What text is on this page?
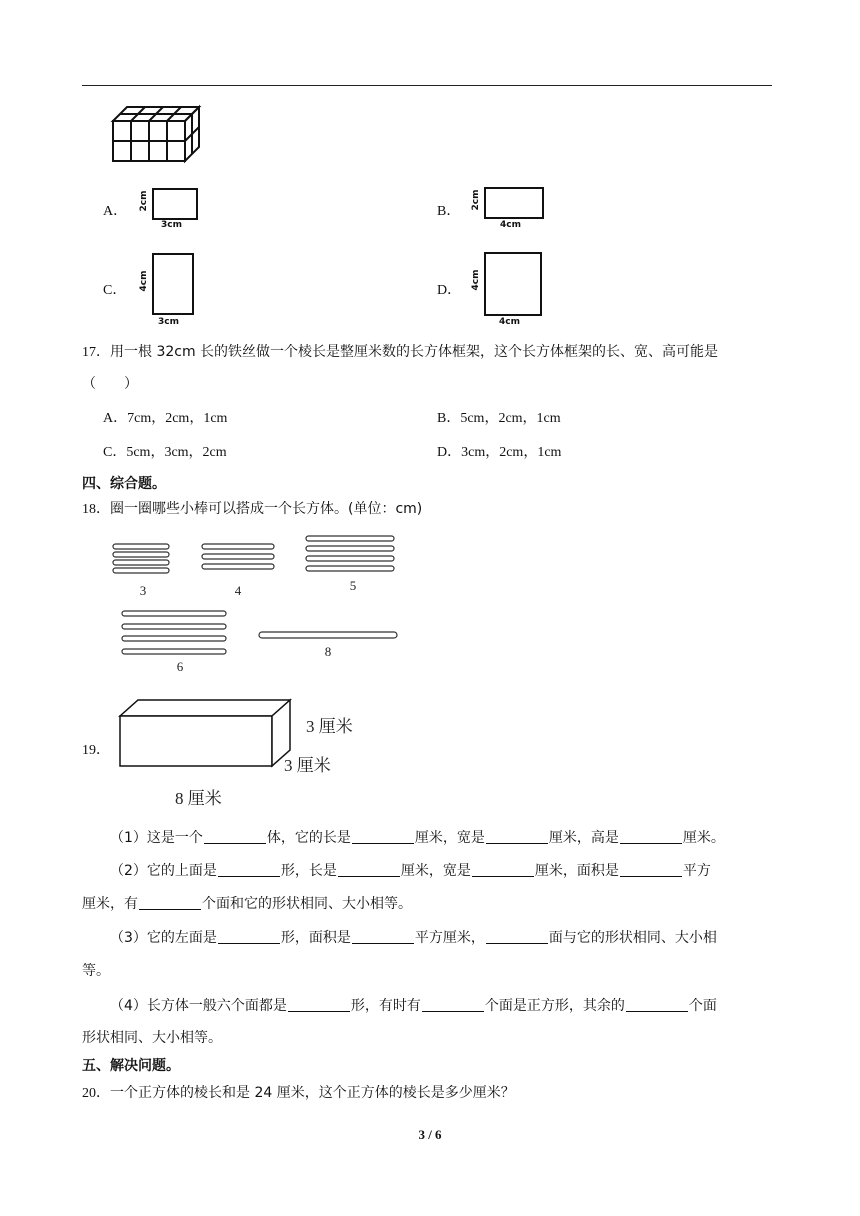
A．
3cm
2cm	B．
4cm
2cm
C．
3cm
4cm	D．
4cm
4cm
17．用一根 32cm 长的铁丝做一个棱长是整厘米数的长方体框架，这个长方体框架的长、宽、高可能是
（　　）
A．7cm，2cm，1cm	B．5cm，2cm，1cm
C．5cm，3cm，2cm	D．3cm，2cm，1cm
四、综合题。
18．圈一圈哪些小棒可以搭成一个长方体。(单位：cm)
3	4	5
6
8
19．
3 厘米
3 厘米
8 厘米
（1）这是一个	体，它的长是	厘米，宽是	厘米，高是	厘米。
（2）它的上面是	形，长是	厘米，宽是	厘米，面积是	平方
厘米，有	个面和它的形状相同、大小相等。
（3）它的左面是	形，面积是	平方厘米，	面与它的形状相同、大小相
等。
（4）长方体一般六个面都是	形，有时有	个面是正方形，其余的	个面
形状相同、大小相等。
五、解决问题。
20．一个正方体的棱长和是 24 厘米，这个正方体的棱长是多少厘米？
3 / 6
